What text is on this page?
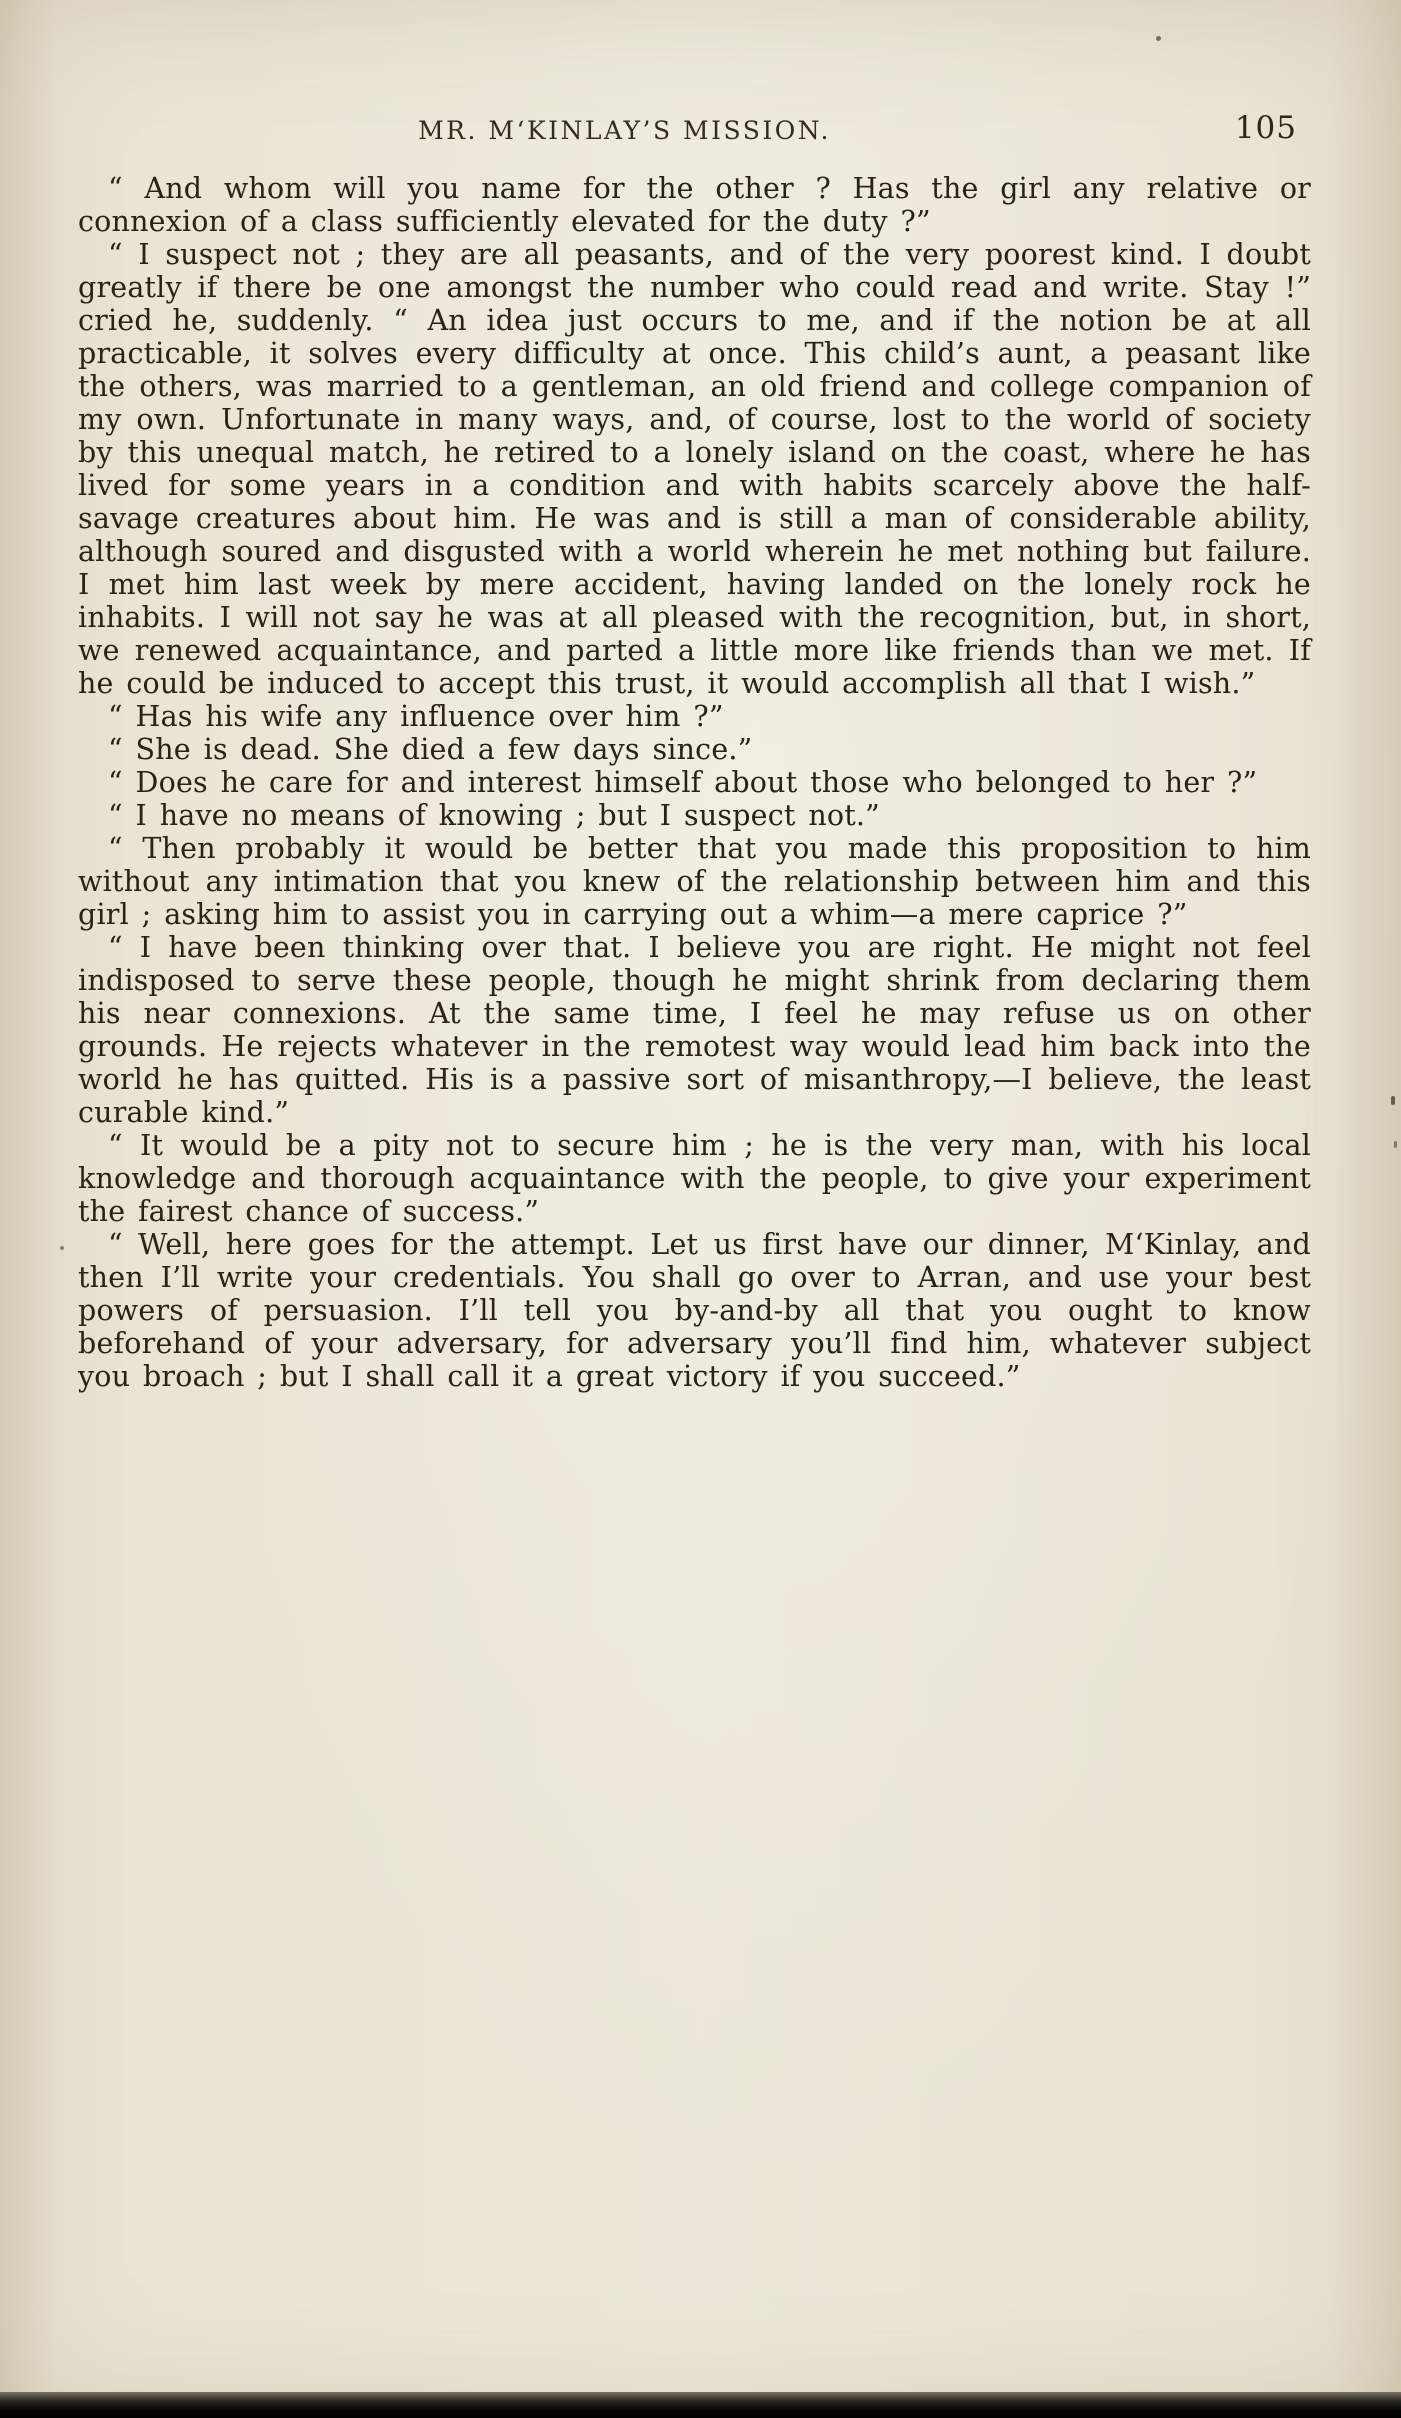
MR. M‘KINLAY’S MISSION.	105

“ And whom will you name for the other ? Has the girl any relative or connexion of a class sufficiently elevated for the duty ?”

“ I suspect not ; they are all peasants, and of the very poorest kind. I doubt greatly if there be one amongst the number who could read and write. Stay !” cried he, suddenly. “ An idea just occurs to me, and if the notion be at all practicable, it solves every difficulty at once. This child’s aunt, a peasant like the others, was married to a gentleman, an old friend and college companion of my own. Unfortunate in many ways, and, of course, lost to the world of society by this unequal match, he retired to a lonely island on the coast, where he has lived for some years in a condition and with habits scarcely above the half-savage creatures about him. He was and is still a man of considerable ability, although soured and disgusted with a world wherein he met nothing but failure. I met him last week by mere accident, having landed on the lonely rock he inhabits. I will not say he was at all pleased with the recognition, but, in short, we renewed acquaintance, and parted a little more like friends than we met. If he could be induced to accept this trust, it would accomplish all that I wish.”

“ Has his wife any influence over him ?”

“ She is dead. She died a few days since.”

“ Does he care for and interest himself about those who belonged to her ?”

“ I have no means of knowing ; but I suspect not.”

“ Then probably it would be better that you made this proposition to him without any intimation that you knew of the relationship between him and this girl ; asking him to assist you in carrying out a whim—a mere caprice ?”

“ I have been thinking over that. I believe you are right. He might not feel indisposed to serve these people, though he might shrink from declaring them his near connexions. At the same time, I feel he may refuse us on other grounds. He rejects whatever in the remotest way would lead him back into the world he has quitted. His is a passive sort of misanthropy,—I believe, the least curable kind.”

“ It would be a pity not to secure him ; he is the very man, with his local knowledge and thorough acquaintance with the people, to give your experiment the fairest chance of success.”

“ Well, here goes for the attempt. Let us first have our dinner, M‘Kinlay, and then I’ll write your credentials. You shall go over to Arran, and use your best powers of persuasion. I’ll tell you by-and-by all that you ought to know beforehand of your adversary, for adversary you’ll find him, whatever subject you broach ; but I shall call it a great victory if you succeed.”
